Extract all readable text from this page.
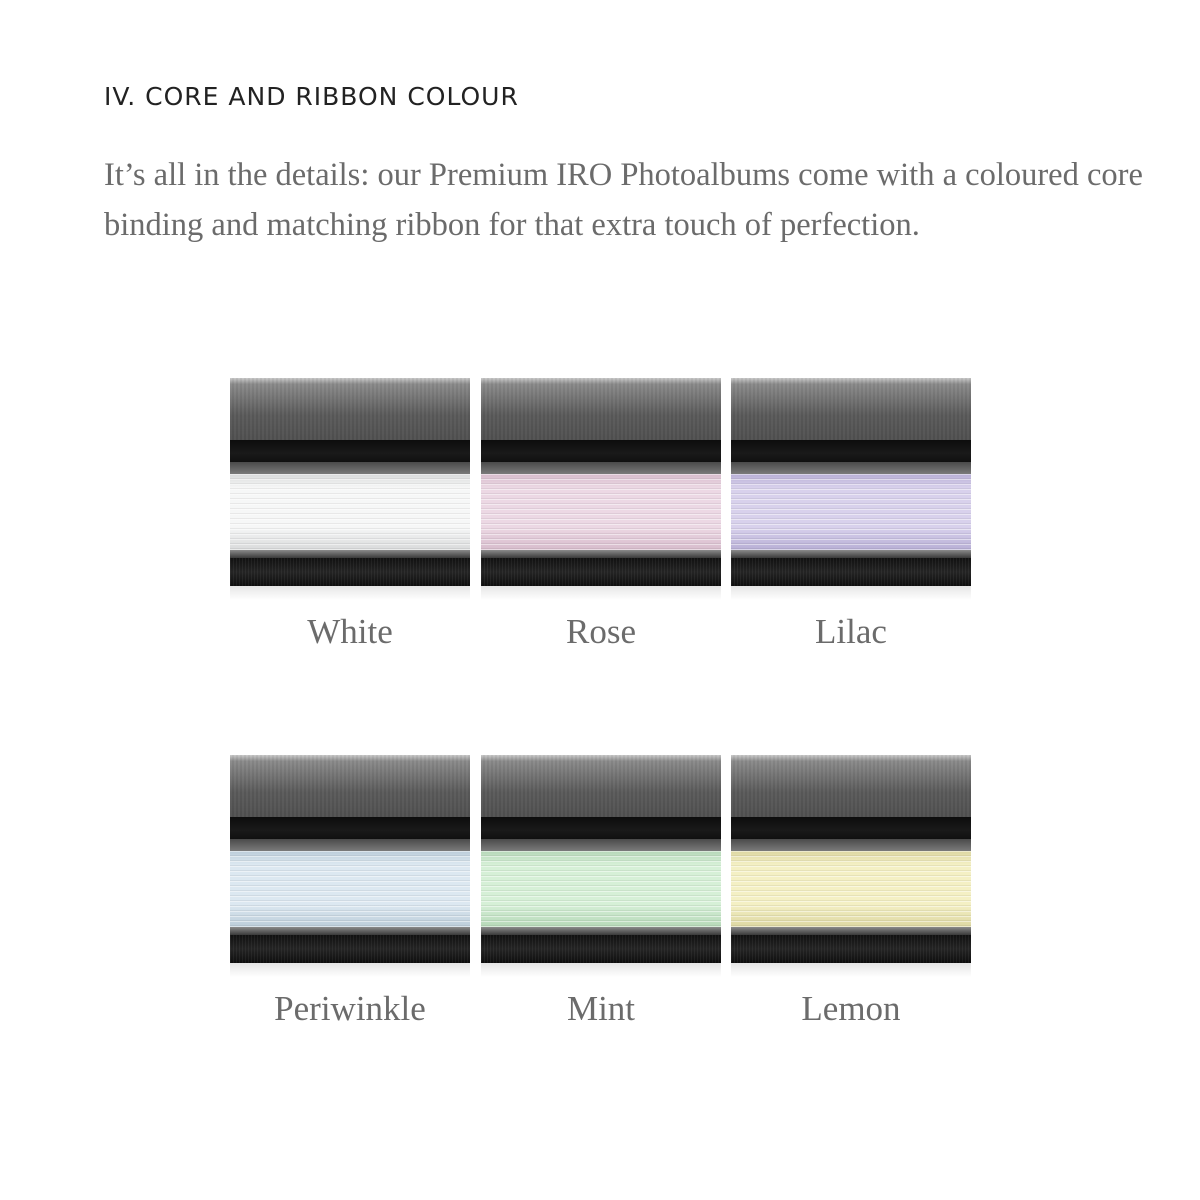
IV. CORE AND RIBBON COLOUR

It’s all in the details: our Premium IRO Photoalbums come with a coloured core binding and matching ribbon for that extra touch of perfection.

White	Rose	Lilac
Periwinkle	Mint	Lemon
